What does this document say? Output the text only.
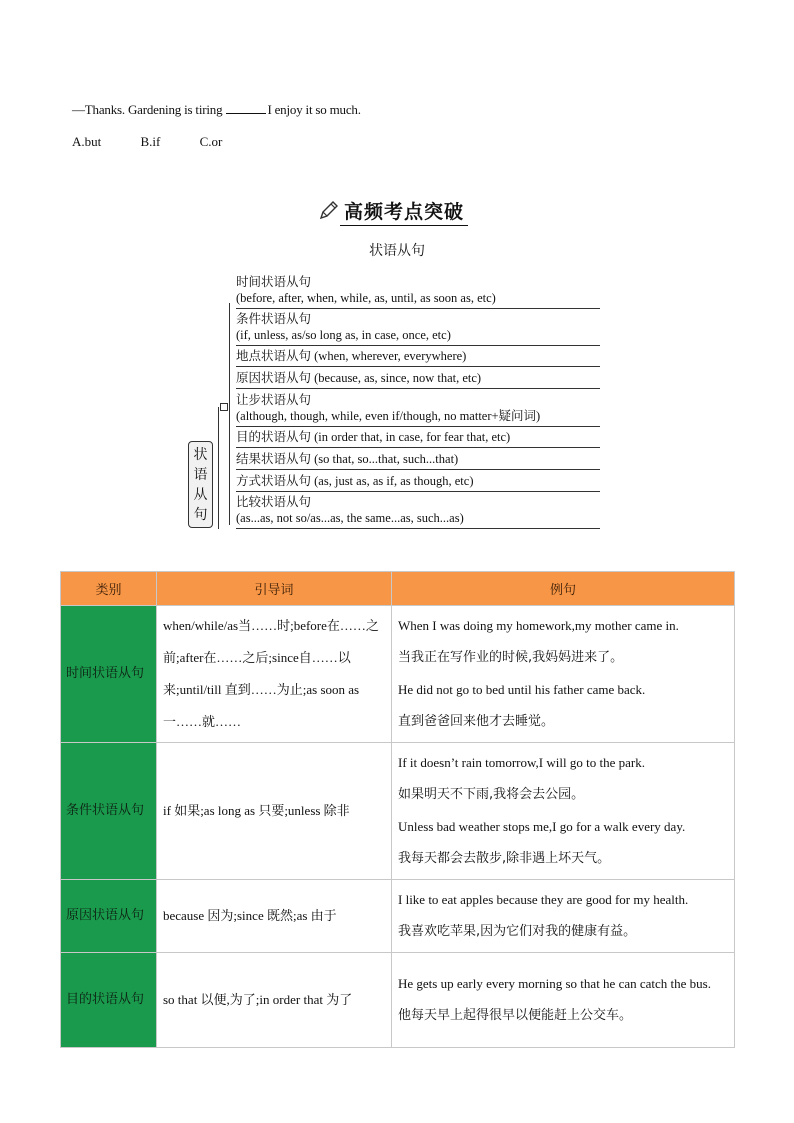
—Thanks. Gardening is tiring	I enjoy it so much.
A.but	B.if	C.or
高频考点突破
状语从句
状
语
从
句
时间状语从句
(before, after, when, while, as, until, as soon as, etc)
条件状语从句
(if, unless, as/so long as, in case, once, etc)
地点状语从句 (when, wherever, everywhere)
原因状语从句 (because, as, since, now that, etc)
让步状语从句
(although, though, while, even if/though, no matter+疑问词)
目的状语从句 (in order that, in case, for fear that, etc)
结果状语从句 (so that, so...that, such...that)
方式状语从句 (as, just as, as if, as though, etc)
比较状语从句
(as...as, not so/as...as, the same...as, such...as)
类别	引导词	例句
时间状语从句	when/while/as当……时;before在……之前;after在……之后;since自……以来;until/till 直到……为止;as soon as一……就……	When I was doing my homework,my mother came in.
当我正在写作业的时候,我妈妈进来了。
He did not go to bed until his father came back.
直到爸爸回来他才去睡觉。

条件状语从句	if 如果;as long as 只要;unless 除非	If it doesn’t rain tomorrow,I will go to the park.
如果明天不下雨,我将会去公园。
Unless bad weather stops me,I go for a walk every day.
我每天都会去散步,除非遇上坏天气。

原因状语从句	because 因为;since 既然;as 由于	I like to eat apples because they are good for my health.
我喜欢吃苹果,因为它们对我的健康有益。

目的状语从句	so that 以便,为了;in order that 为了	He gets up early every morning so that he can catch the bus.
他每天早上起得很早以便能赶上公交车。
